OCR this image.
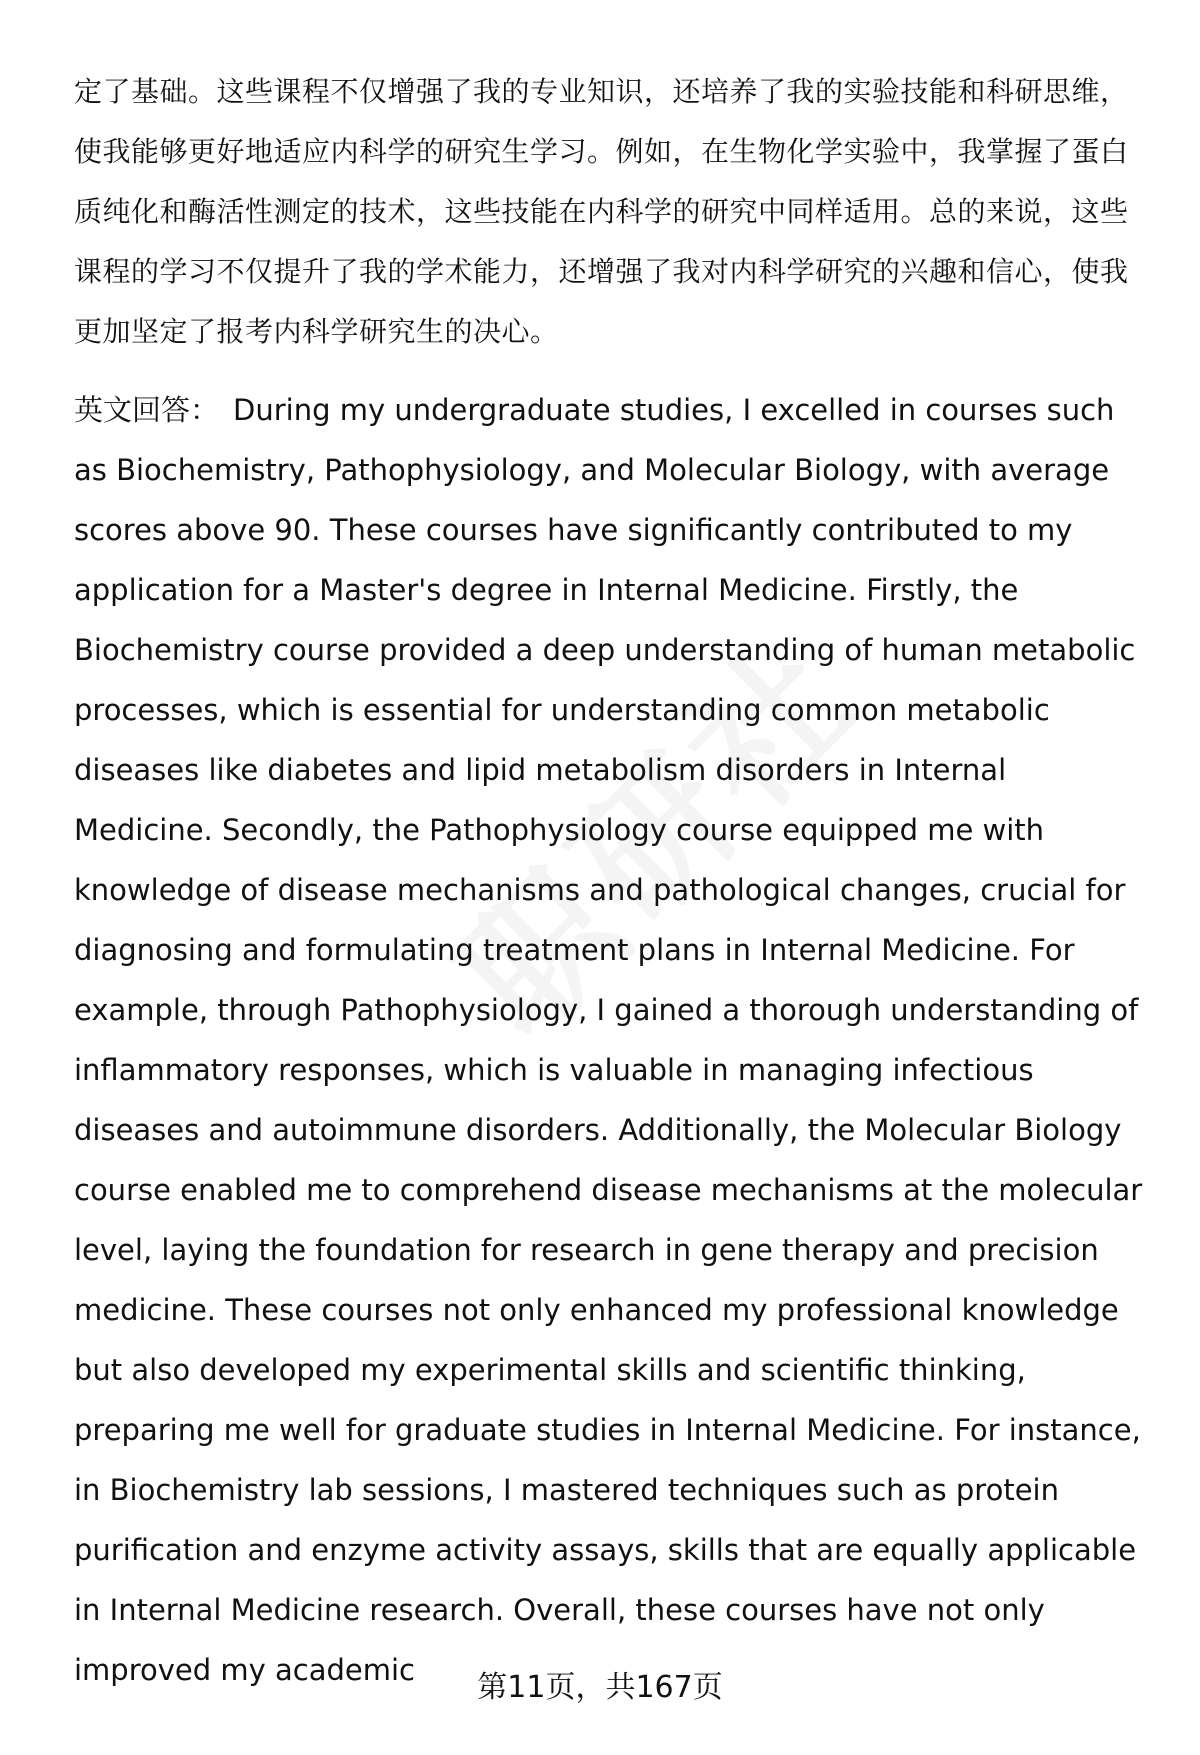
定了基础。这些课程不仅增强了我的专业知识，还培养了我的实验技能和科研思维，使我能够更好地适应内科学的研究生学习。例如，在生物化学实验中，我掌握了蛋白质纯化和酶活性测定的技术，这些技能在内科学的研究中同样适用。总的来说，这些课程的学习不仅提升了我的学术能力，还增强了我对内科学研究的兴趣和信心，使我更加坚定了报考内科学研究生的决心。

英文回答： During my undergraduate studies, I excelled in courses such as Biochemistry, Pathophysiology, and Molecular Biology, with average scores above 90. These courses have significantly contributed to my application for a Master's degree in Internal Medicine. Firstly, the Biochemistry course provided a deep understanding of human metabolic processes, which is essential for understanding common metabolic diseases like diabetes and lipid metabolism disorders in Internal Medicine. Secondly, the Pathophysiology course equipped me with knowledge of disease mechanisms and pathological changes, crucial for diagnosing and formulating treatment plans in Internal Medicine. For example, through Pathophysiology, I gained a thorough understanding of inflammatory responses, which is valuable in managing infectious diseases and autoimmune disorders. Additionally, the Molecular Biology course enabled me to comprehend disease mechanisms at the molecular level, laying the foundation for research in gene therapy and precision medicine. These courses not only enhanced my professional knowledge but also developed my experimental skills and scientific thinking, preparing me well for graduate studies in Internal Medicine. For instance, in Biochemistry lab sessions, I mastered techniques such as protein purification and enzyme activity assays, skills that are equally applicable in Internal Medicine research. Overall, these courses have not only improved my academic	第11页，共167页
